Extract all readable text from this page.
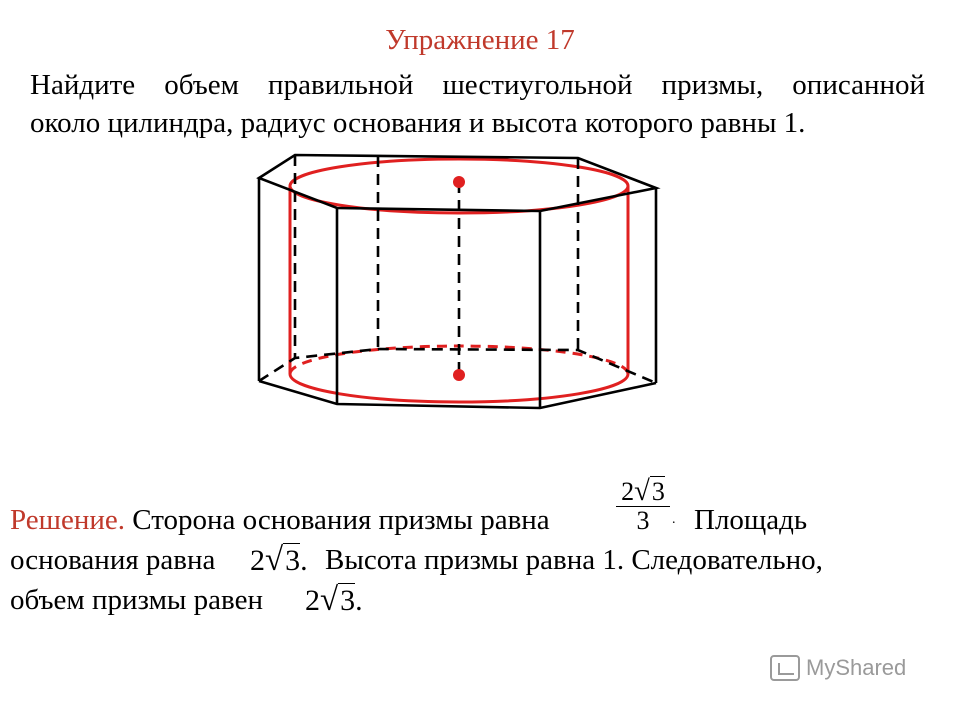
Упражнение 17
Найдите объем правильной шестиугольной призмы, описанной
около цилиндра, радиус основания и высота которого равны 1.
Решение. Сторона основания призмы равна	$\frac{2√3}{3}$ . Площадь
основания равна 2√3. Высота призмы равна 1. Следовательно,
объем призмы равен 2√3.
MyShared
